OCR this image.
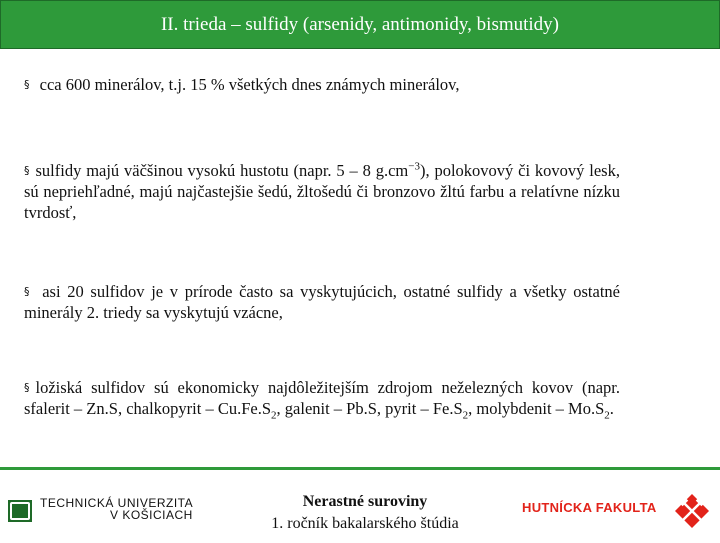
II. trieda – sulfidy (arsenidy, antimonidy, bismutidy)
§ cca 600 minerálov, t.j. 15 % všetkých dnes známych minerálov,
§ sulfidy majú väčšinou vysokú hustotu (napr. 5 – 8 $g.cm^{-3}$), polokovový či kovový lesk, sú nepriehľadné, majú najčastejšie šedú, žltošedú či bronzovo žltú farbu a relatívne nízku tvrdosť,
§ asi 20 sulfidov je v prírode často sa vyskytujúcich, ostatné sulfidy a všetky ostatné minerály 2. triedy sa vyskytujú vzácne,
§ ložiská sulfidov sú ekonomicky najdôležitejším zdrojom neželezných kovov (napr. sfalerit – Zn.S, chalkopyrit – $Cu.Fe.S_2$, galenit – Pb.S, pyrit – $Fe.S_2$, molybdenit – $Mo.S_2$.
TECHNICKÁ UNIVERZITA
V KOŠICIACH
Nerastné suroviny
1. ročník bakalarského štúdia
HUTNÍCKA FAKULTA
